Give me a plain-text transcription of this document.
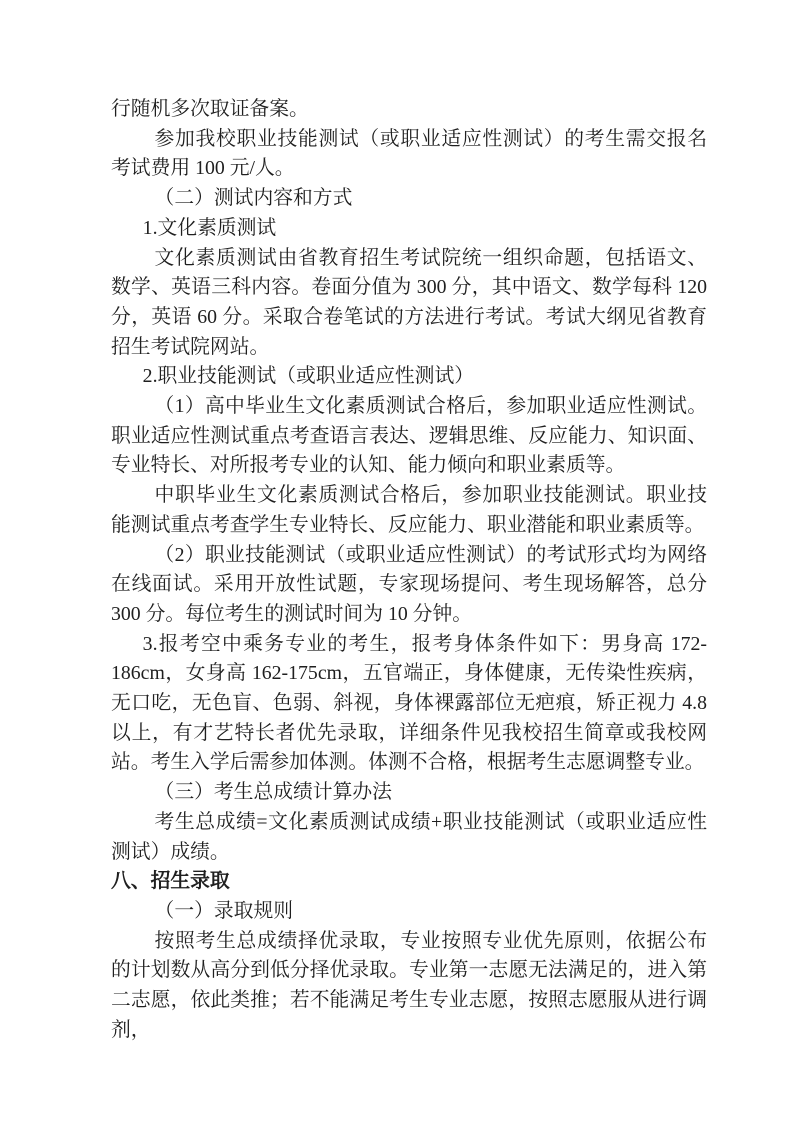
行随机多次取证备案。

参加我校职业技能测试（或职业适应性测试）的考生需交报名考试费用 100 元/人。

（二）测试内容和方式

1.文化素质测试

文化素质测试由省教育招生考试院统一组织命题，包括语文、数学、英语三科内容。卷面分值为 300 分，其中语文、数学每科 120 分，英语 60 分。采取合卷笔试的方法进行考试。考试大纲见省教育招生考试院网站。

2.职业技能测试（或职业适应性测试）

（1）高中毕业生文化素质测试合格后，参加职业适应性测试。职业适应性测试重点考查语言表达、逻辑思维、反应能力、知识面、专业特长、对所报考专业的认知、能力倾向和职业素质等。

中职毕业生文化素质测试合格后，参加职业技能测试。职业技能测试重点考查学生专业特长、反应能力、职业潜能和职业素质等。

（2）职业技能测试（或职业适应性测试）的考试形式均为网络在线面试。采用开放性试题，专家现场提问、考生现场解答，总分 300 分。每位考生的测试时间为 10 分钟。

3.报考空中乘务专业的考生，报考身体条件如下：男身高 172-186cm，女身高 162-175cm，五官端正，身体健康，无传染性疾病，无口吃，无色盲、色弱、斜视，身体裸露部位无疤痕，矫正视力 4.8 以上，有才艺特长者优先录取，详细条件见我校招生简章或我校网站。考生入学后需参加体测。体测不合格，根据考生志愿调整专业。

（三）考生总成绩计算办法

考生总成绩=文化素质测试成绩+职业技能测试（或职业适应性测试）成绩。

八、招生录取

（一）录取规则

按照考生总成绩择优录取，专业按照专业优先原则，依据公布的计划数从高分到低分择优录取。专业第一志愿无法满足的，进入第二志愿，依此类推；若不能满足考生专业志愿，按照志愿服从进行调剂，
